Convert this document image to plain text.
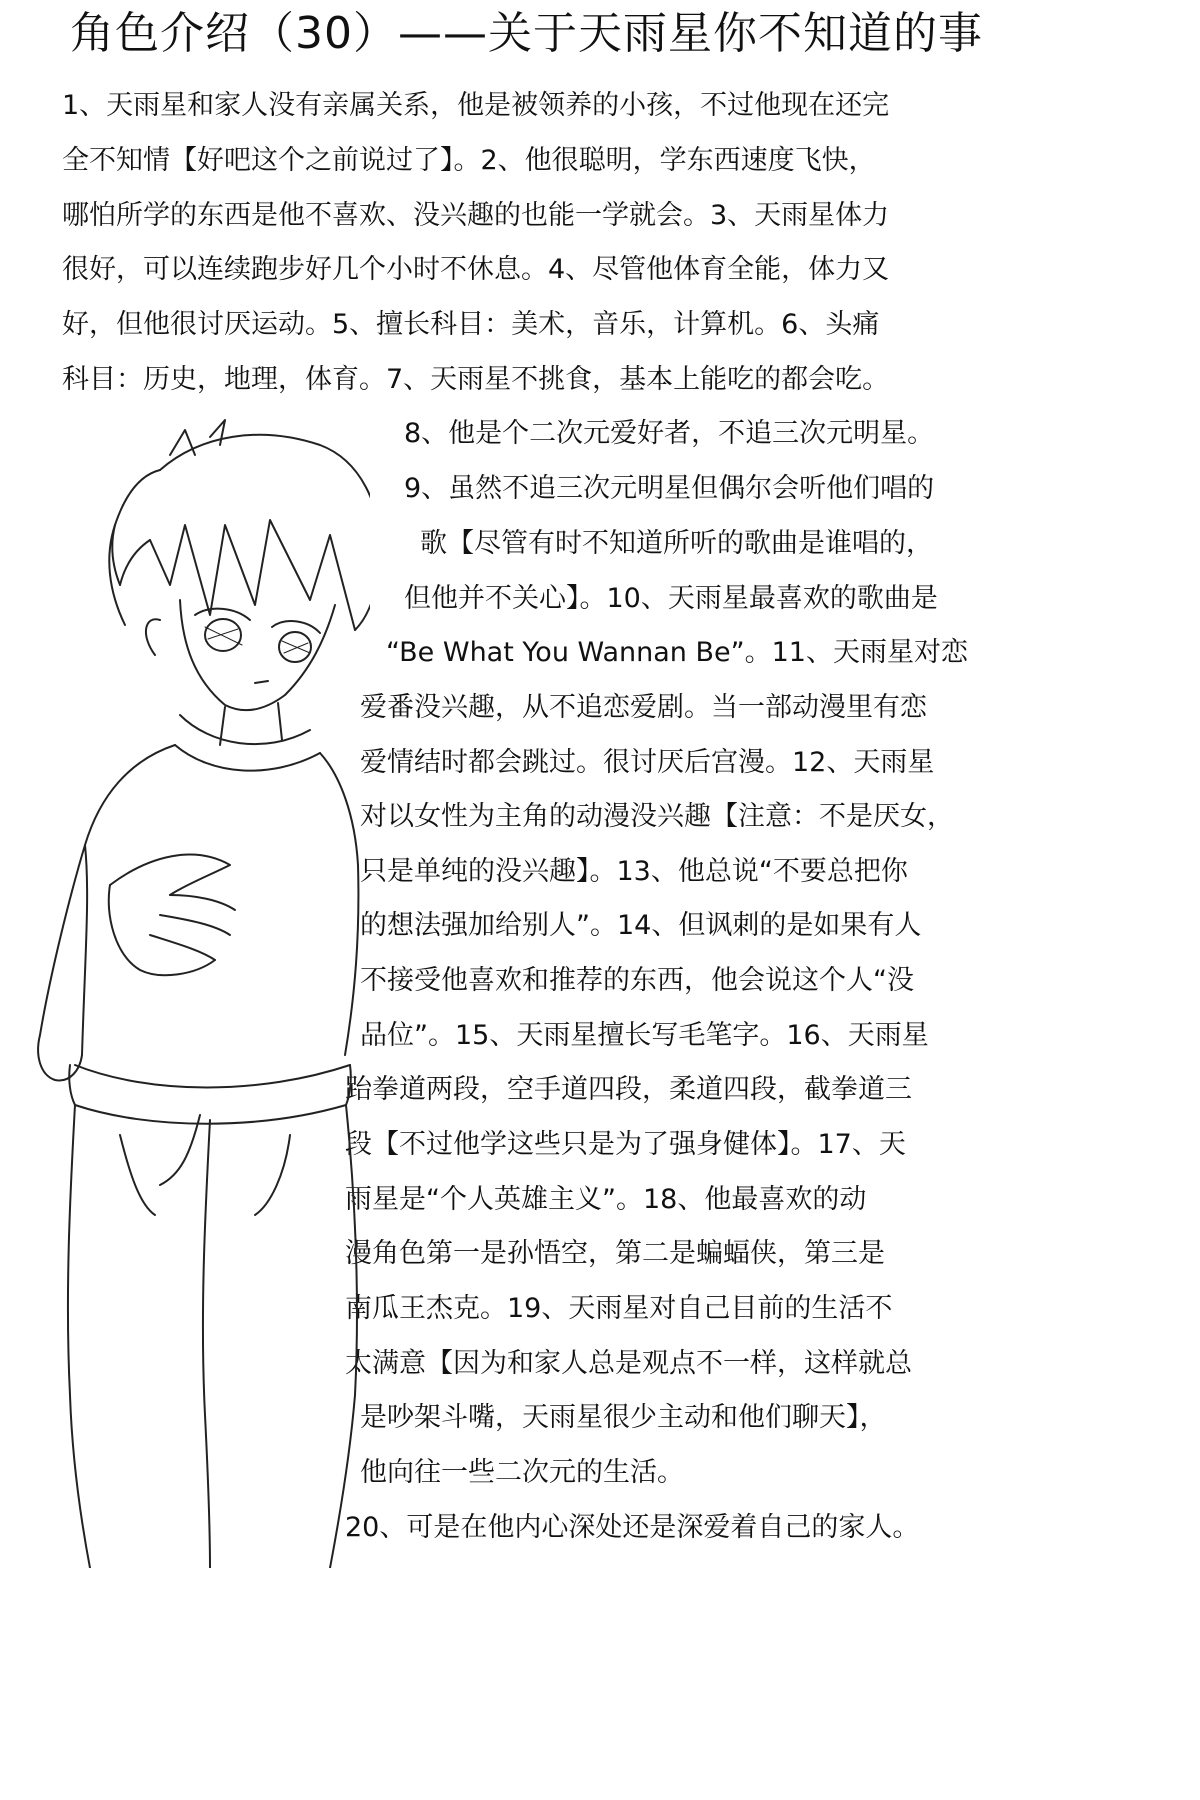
角色介绍（30）——关于天雨星你不知道的事
1、天雨星和家人没有亲属关系，他是被领养的小孩，不过他现在还完
全不知情【好吧这个之前说过了】。2、他很聪明，学东西速度飞快，
哪怕所学的东西是他不喜欢、没兴趣的也能一学就会。3、天雨星体力
很好，可以连续跑步好几个小时不休息。4、尽管他体育全能，体力又
好，但他很讨厌运动。5、擅长科目：美术，音乐，计算机。6、头痛
科目：历史，地理，体育。7、天雨星不挑食，基本上能吃的都会吃。
8、他是个二次元爱好者，不追三次元明星。
9、虽然不追三次元明星但偶尔会听他们唱的
歌【尽管有时不知道所听的歌曲是谁唱的，
但他并不关心】。10、天雨星最喜欢的歌曲是
“Be What You Wannan Be”。11、天雨星对恋
爱番没兴趣，从不追恋爱剧。当一部动漫里有恋
爱情结时都会跳过。很讨厌后宫漫。12、天雨星
对以女性为主角的动漫没兴趣【注意：不是厌女，
只是单纯的没兴趣】。13、他总说“不要总把你
的想法强加给别人”。14、但讽刺的是如果有人
不接受他喜欢和推荐的东西，他会说这个人“没
品位”。15、天雨星擅长写毛笔字。16、天雨星
跆拳道两段，空手道四段，柔道四段，截拳道三
段【不过他学这些只是为了强身健体】。17、天
雨星是“个人英雄主义”。18、他最喜欢的动
漫角色第一是孙悟空，第二是蝙蝠侠，第三是
南瓜王杰克。19、天雨星对自己目前的生活不
太满意【因为和家人总是观点不一样，这样就总
是吵架斗嘴，天雨星很少主动和他们聊天】，
他向往一些二次元的生活。
20、可是在他内心深处还是深爱着自己的家人。
